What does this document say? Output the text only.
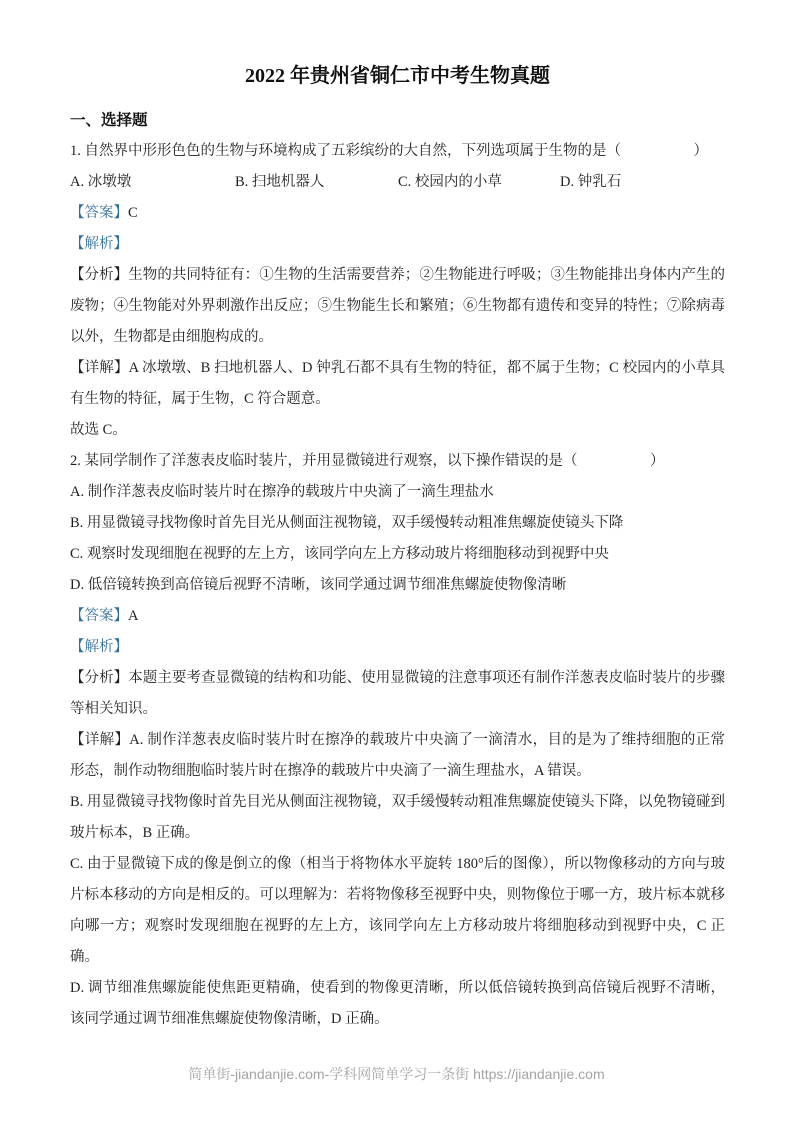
2022 年贵州省铜仁市中考生物真题
一、选择题

1. 自然界中形形色色的生物与环境构成了五彩缤纷的大自然，下列选项属于生物的是（　　　　　）

A. 冰墩墩	B. 扫地机器人	C. 校园内的小草	D. 钟乳石

【答案】C

【解析】

【分析】生物的共同特征有：①生物的生活需要营养；②生物能进行呼吸；③生物能排出身体内产生的废物；④生物能对外界刺激作出反应；⑤生物能生长和繁殖；⑥生物都有遗传和变异的特性；⑦除病毒以外，生物都是由细胞构成的。

【详解】A 冰墩墩、B 扫地机器人、D 钟乳石都不具有生物的特征，都不属于生物；C 校园内的小草具有生物的特征，属于生物，C 符合题意。

故选 C。

2. 某同学制作了洋葱表皮临时装片，并用显微镜进行观察，以下操作错误的是（　　　　　）

A. 制作洋葱表皮临时装片时在擦净的载玻片中央滴了一滴生理盐水

B. 用显微镜寻找物像时首先目光从侧面注视物镜，双手缓慢转动粗准焦螺旋使镜头下降

C. 观察时发现细胞在视野的左上方，该同学向左上方移动玻片将细胞移动到视野中央

D. 低倍镜转换到高倍镜后视野不清晰，该同学通过调节细准焦螺旋使物像清晰

【答案】A

【解析】

【分析】本题主要考查显微镜的结构和功能、使用显微镜的注意事项还有制作洋葱表皮临时装片的步骤等相关知识。

【详解】A. 制作洋葱表皮临时装片时在擦净的载玻片中央滴了一滴清水，目的是为了维持细胞的正常形态，制作动物细胞临时装片时在擦净的载玻片中央滴了一滴生理盐水，A 错误。

B. 用显微镜寻找物像时首先目光从侧面注视物镜，双手缓慢转动粗准焦螺旋使镜头下降，以免物镜碰到玻片标本，B 正确。

C. 由于显微镜下成的像是倒立的像（相当于将物体水平旋转 180°后的图像），所以物像移动的方向与玻片标本移动的方向是相反的。可以理解为：若将物像移至视野中央，则物像位于哪一方，玻片标本就移向哪一方；观察时发现细胞在视野的左上方，该同学向左上方移动玻片将细胞移动到视野中央，C 正确。

D. 调节细准焦螺旋能使焦距更精确，使看到的物像更清晰，所以低倍镜转换到高倍镜后视野不清晰，该同学通过调节细准焦螺旋使物像清晰，D 正确。

简单街-jiandanjie.com-学科网简单学习一条街 https://jiandanjie.com
